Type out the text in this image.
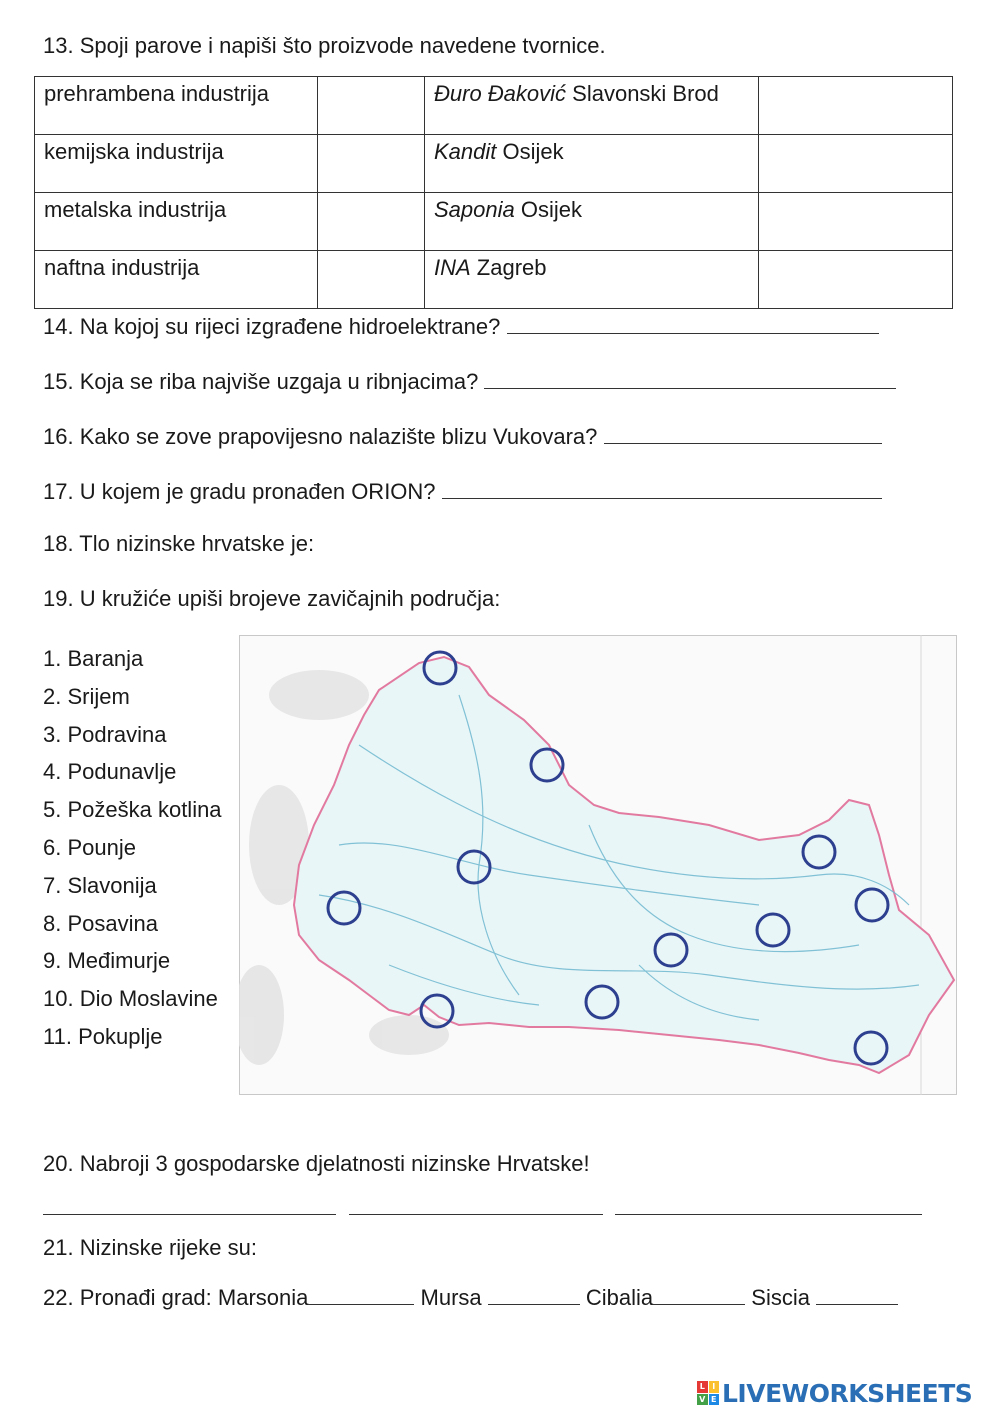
13. Spoji parove i napiši što proizvode navedene tvornice.
prehrambena industrija		Đuro Đaković Slavonski Brod	
kemijska industrija		Kandit Osijek	
metalska industrija		Saponia Osijek	
naftna industrija		INA Zagreb	
14. Na kojoj su rijeci izgrađene hidroelektrane?
15. Koja se riba najviše uzgaja u ribnjacima?
16. Kako se zove prapovijesno nalazište blizu Vukovara?
17. U kojem je gradu pronađen ORION?
18. Tlo nizinske hrvatske je:
19. U kružiće upiši brojeve zavičajnih područja:
1. Baranja
2. Srijem
3. Podravina
4. Podunavlje
5. Požeška kotlina
6. Pounje
7. Slavonija
8. Posavina
9. Međimurje
10. Dio Moslavine
11. Pokuplje
20. Nabroji 3 gospodarske djelatnosti nizinske Hrvatske!
21. Nizinske rijeke su:
22. Pronađi grad: Marsonia	Mursa	Cibalia	Siscia
L I
V E LIVEWORKSHEETS
